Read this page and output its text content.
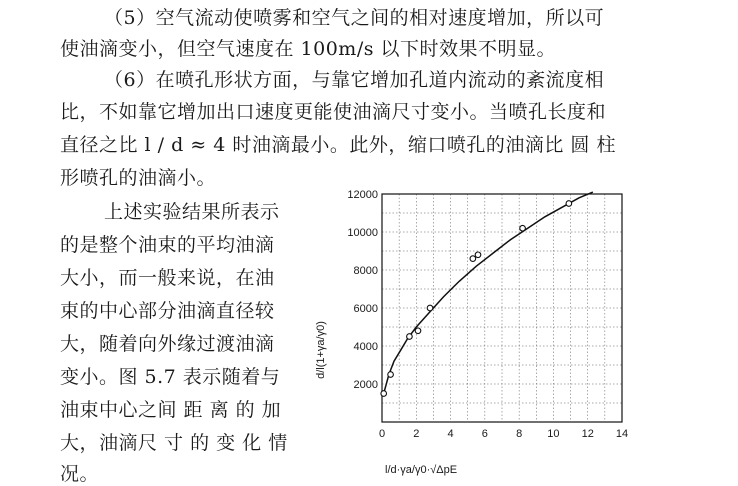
（5）空气流动使喷雾和空气之间的相对速度增加，所以可
使油滴变小，但空气速度在 100m/s 以下时效果不明显。
（6）在喷孔形状方面，与靠它增加孔道内流动的紊流度相
比，不如靠它增加出口速度更能使油滴尺寸变小。当喷孔长度和
直径之比 l / d ≈ 4 时油滴最小。此外，缩口喷孔的油滴比 圆 柱
形喷孔的油滴小。
上述实验结果所表示
的是整个油束的平均油滴
大小，而一般来说，在油
束的中心部分油滴直径较
大，随着向外缘过渡油滴
变小。图 5.7 表示随着与
油束中心之间 距 离 的 加
大，油滴尺 寸 的 变 化 情
况。
0	2	4	6	8 10 12 14
2000
4000
6000
8000
10000
12000
d/l(1+γa/γ0)
l/d·γa/γ0·√ΔpE
